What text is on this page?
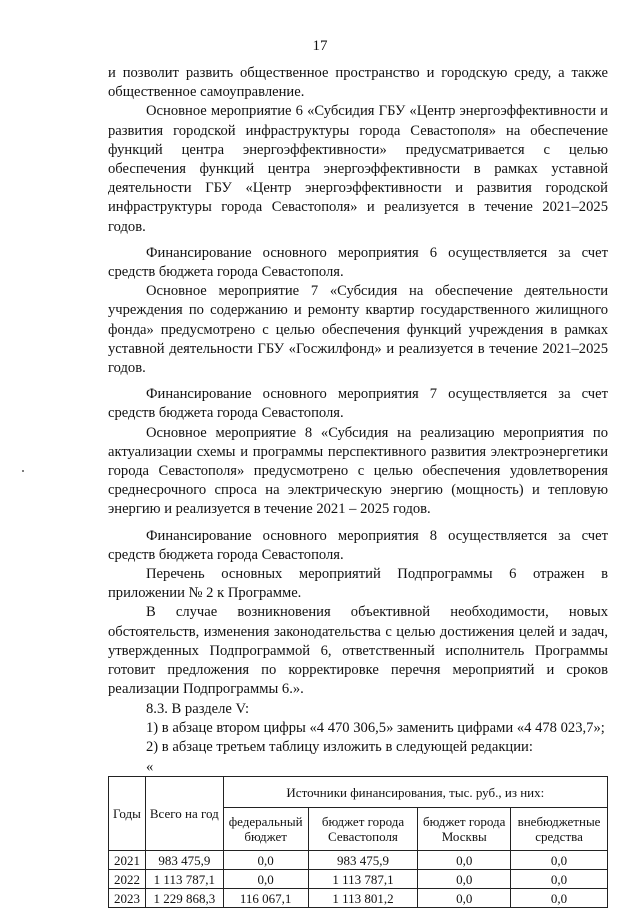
17

и позволит развить общественное пространство и городскую среду, а также общественное самоуправление.

Основное мероприятие 6 «Субсидия ГБУ «Центр энергоэффективности и развития городской инфраструктуры города Севастополя» на обеспечение функций центра энергоэффективности» предусматривается с целью обеспечения функций центра энергоэффективности в рамках уставной деятельности ГБУ «Центр энергоэффективности и развития городской инфраструктуры города Севастополя» и реализуется в течение 2021–2025 годов.

Финансирование основного мероприятия 6 осуществляется за счет средств бюджета города Севастополя.

Основное мероприятие 7 «Субсидия на обеспечение деятельности учреждения по содержанию и ремонту квартир государственного жилищного фонда» предусмотрено с целью обеспечения функций учреждения в рамках уставной деятельности ГБУ «Госжилфонд» и реализуется в течение 2021–2025 годов.

Финансирование основного мероприятия 7 осуществляется за счет средств бюджета города Севастополя.

Основное мероприятие 8 «Субсидия на реализацию мероприятия по актуализации схемы и программы перспективного развития электроэнергетики города Севастополя» предусмотрено с целью обеспечения удовлетворения среднесрочного спроса на электрическую энергию (мощность) и тепловую энергию и реализуется в течение 2021 – 2025 годов.

Финансирование основного мероприятия 8 осуществляется за счет средств бюджета города Севастополя.

Перечень основных мероприятий Подпрограммы 6 отражен в приложении № 2 к Программе.

В случае возникновения объективной необходимости, новых обстоятельств, изменения законодательства с целью достижения целей и задач, утвержденных Подпрограммой 6, ответственный исполнитель Программы готовит предложения по корректировке перечня мероприятий и сроков реализации Подпрограммы 6.».

8.3. В разделе V:

1) в абзаце втором цифры «4 470 306,5» заменить цифрами «4 478 023,7»;

2) в абзаце третьем таблицу изложить в следующей редакции:

«
Годы	Всего на год	Источники финансирования, тыс. руб., из них:			
		федеральный бюджет	бюджет города Севастополя	бюджет города Москвы	внебюджетные средства
2021	983 475,9	0,0	983 475,9	0,0	0,0
2022	1 113 787,1	0,0	1 113 787,1	0,0	0,0
2023	1 229 868,3	116 067,1	1 113 801,2	0,0	0,0
